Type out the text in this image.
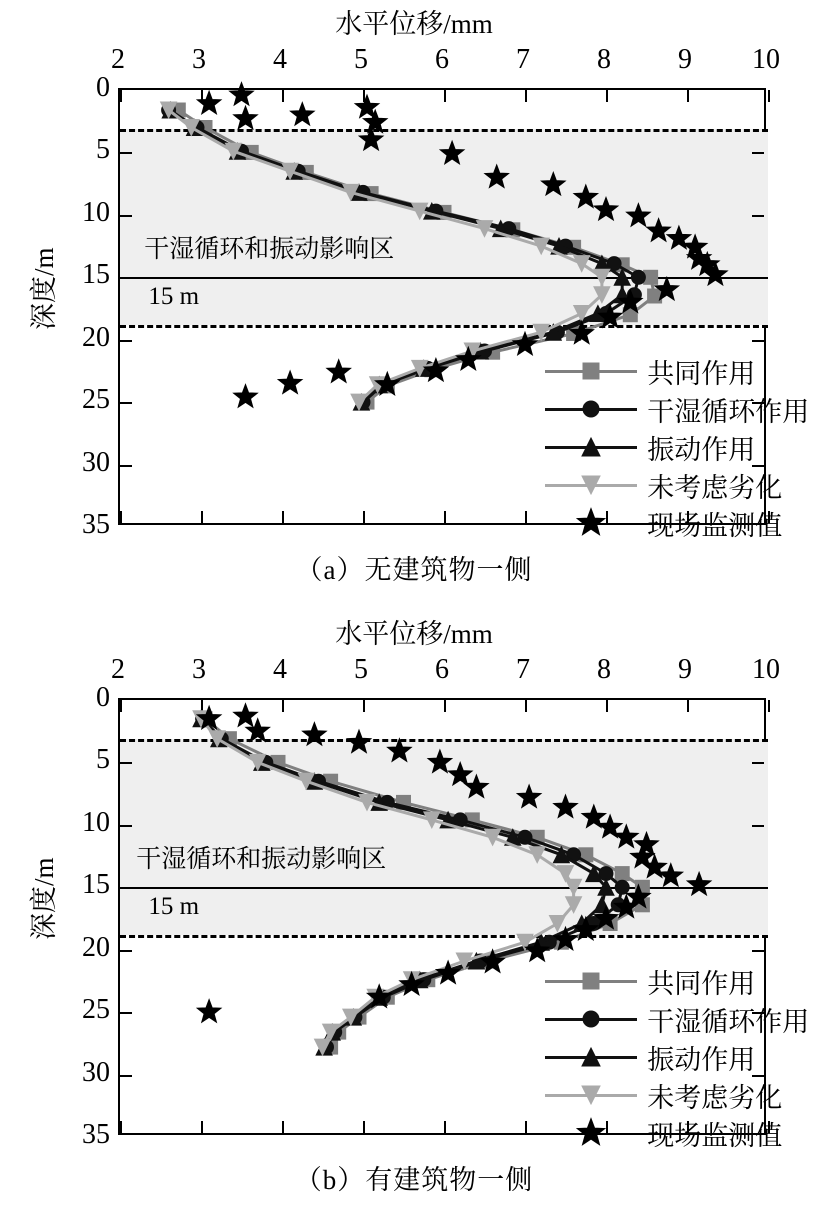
水平位移/mm
深度/m	干湿循环和振动影响区
15 m
共同作用
干湿循环作用
振动作用
未考虑劣化
现场监测值
（a）无建筑物一侧
2 3 4 5 6 7 8 9 10
0
5
10
15
20
25
30
35
水平位移/mm
深度/m	干湿循环和振动影响区
15 m
共同作用
干湿循环作用
振动作用
未考虑劣化
现场监测值
（b）有建筑物一侧
2 3 4 5 6 7 8 9 10
0
5
10
15
20
25
30
35
